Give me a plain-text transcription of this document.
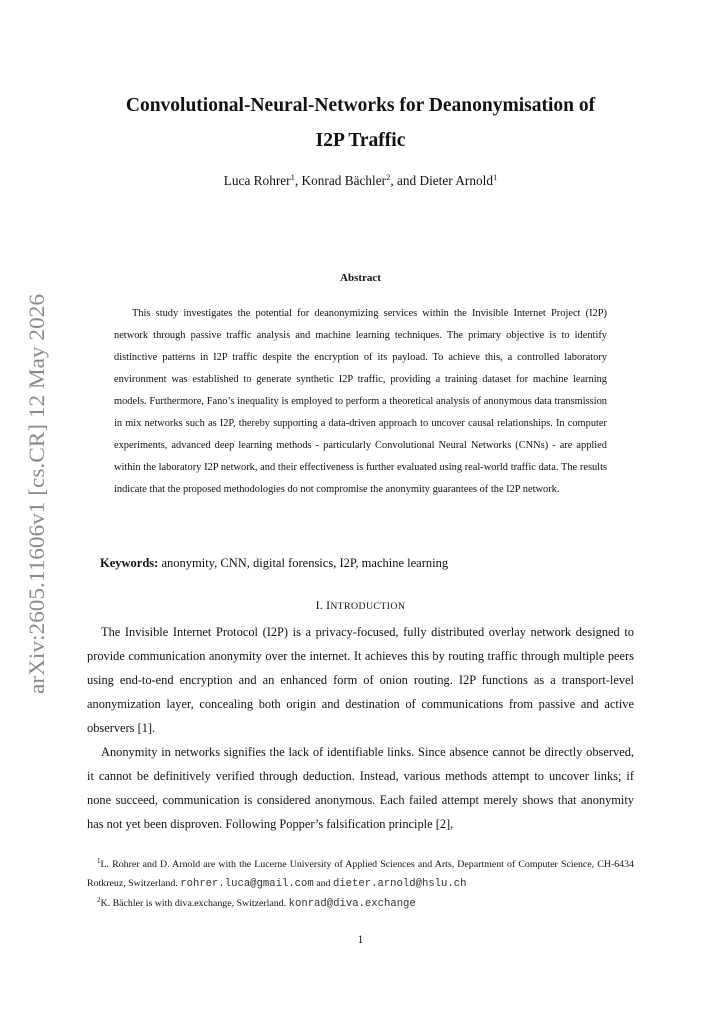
arXiv:2605.11606v1 [cs.CR] 12 May 2026
Convolutional-Neural-Networks for Deanonymisation of
I2P Traffic
Luca Rohrer$^1$, Konrad Bächler$^2$, and Dieter Arnold$^1$
Abstract

This study investigates the potential for deanonymizing services within the Invisible Internet Project (I2P) network through passive traffic analysis and machine learning techniques. The primary objective is to identify distinctive patterns in I2P traffic despite the encryption of its payload. To achieve this, a controlled laboratory environment was established to generate synthetic I2P traffic, providing a training dataset for machine learning models. Furthermore, Fano’s inequality is employed to perform a theoretical analysis of anonymous data transmission in mix networks such as I2P, thereby supporting a data-driven approach to uncover causal relationships. In computer experiments, advanced deep learning methods - particularly Convolutional Neural Networks (CNNs) - are applied within the laboratory I2P network, and their effectiveness is further evaluated using real-world traffic data. The results indicate that the proposed methodologies do not compromise the anonymity guarantees of the I2P network.

Keywords: anonymity, CNN, digital forensics, I2P, machine learning
I. INTRODUCTION

The Invisible Internet Protocol (I2P) is a privacy-focused, fully distributed overlay network designed to provide communication anonymity over the internet. It achieves this by routing traffic through multiple peers using end-to-end encryption and an enhanced form of onion routing. I2P functions as a transport-level anonymization layer, concealing both origin and destination of communications from passive and active observers [1].

Anonymity in networks signifies the lack of identifiable links. Since absence cannot be directly observed, it cannot be definitively verified through deduction. Instead, various methods attempt to uncover links; if none succeed, communication is considered anonymous. Each failed attempt merely shows that anonymity has not yet been disproven. Following Popper’s falsification principle [2],

$^1$L. Rohrer and D. Arnold are with the Lucerne University of Applied Sciences and Arts, Department of Computer Science, CH-6434 Rotkreuz, Switzerland. rohrer.luca@gmail.com and dieter.arnold@hslu.ch

$^2$K. Bächler is with diva.exchange, Switzerland. konrad@diva.exchange

1
